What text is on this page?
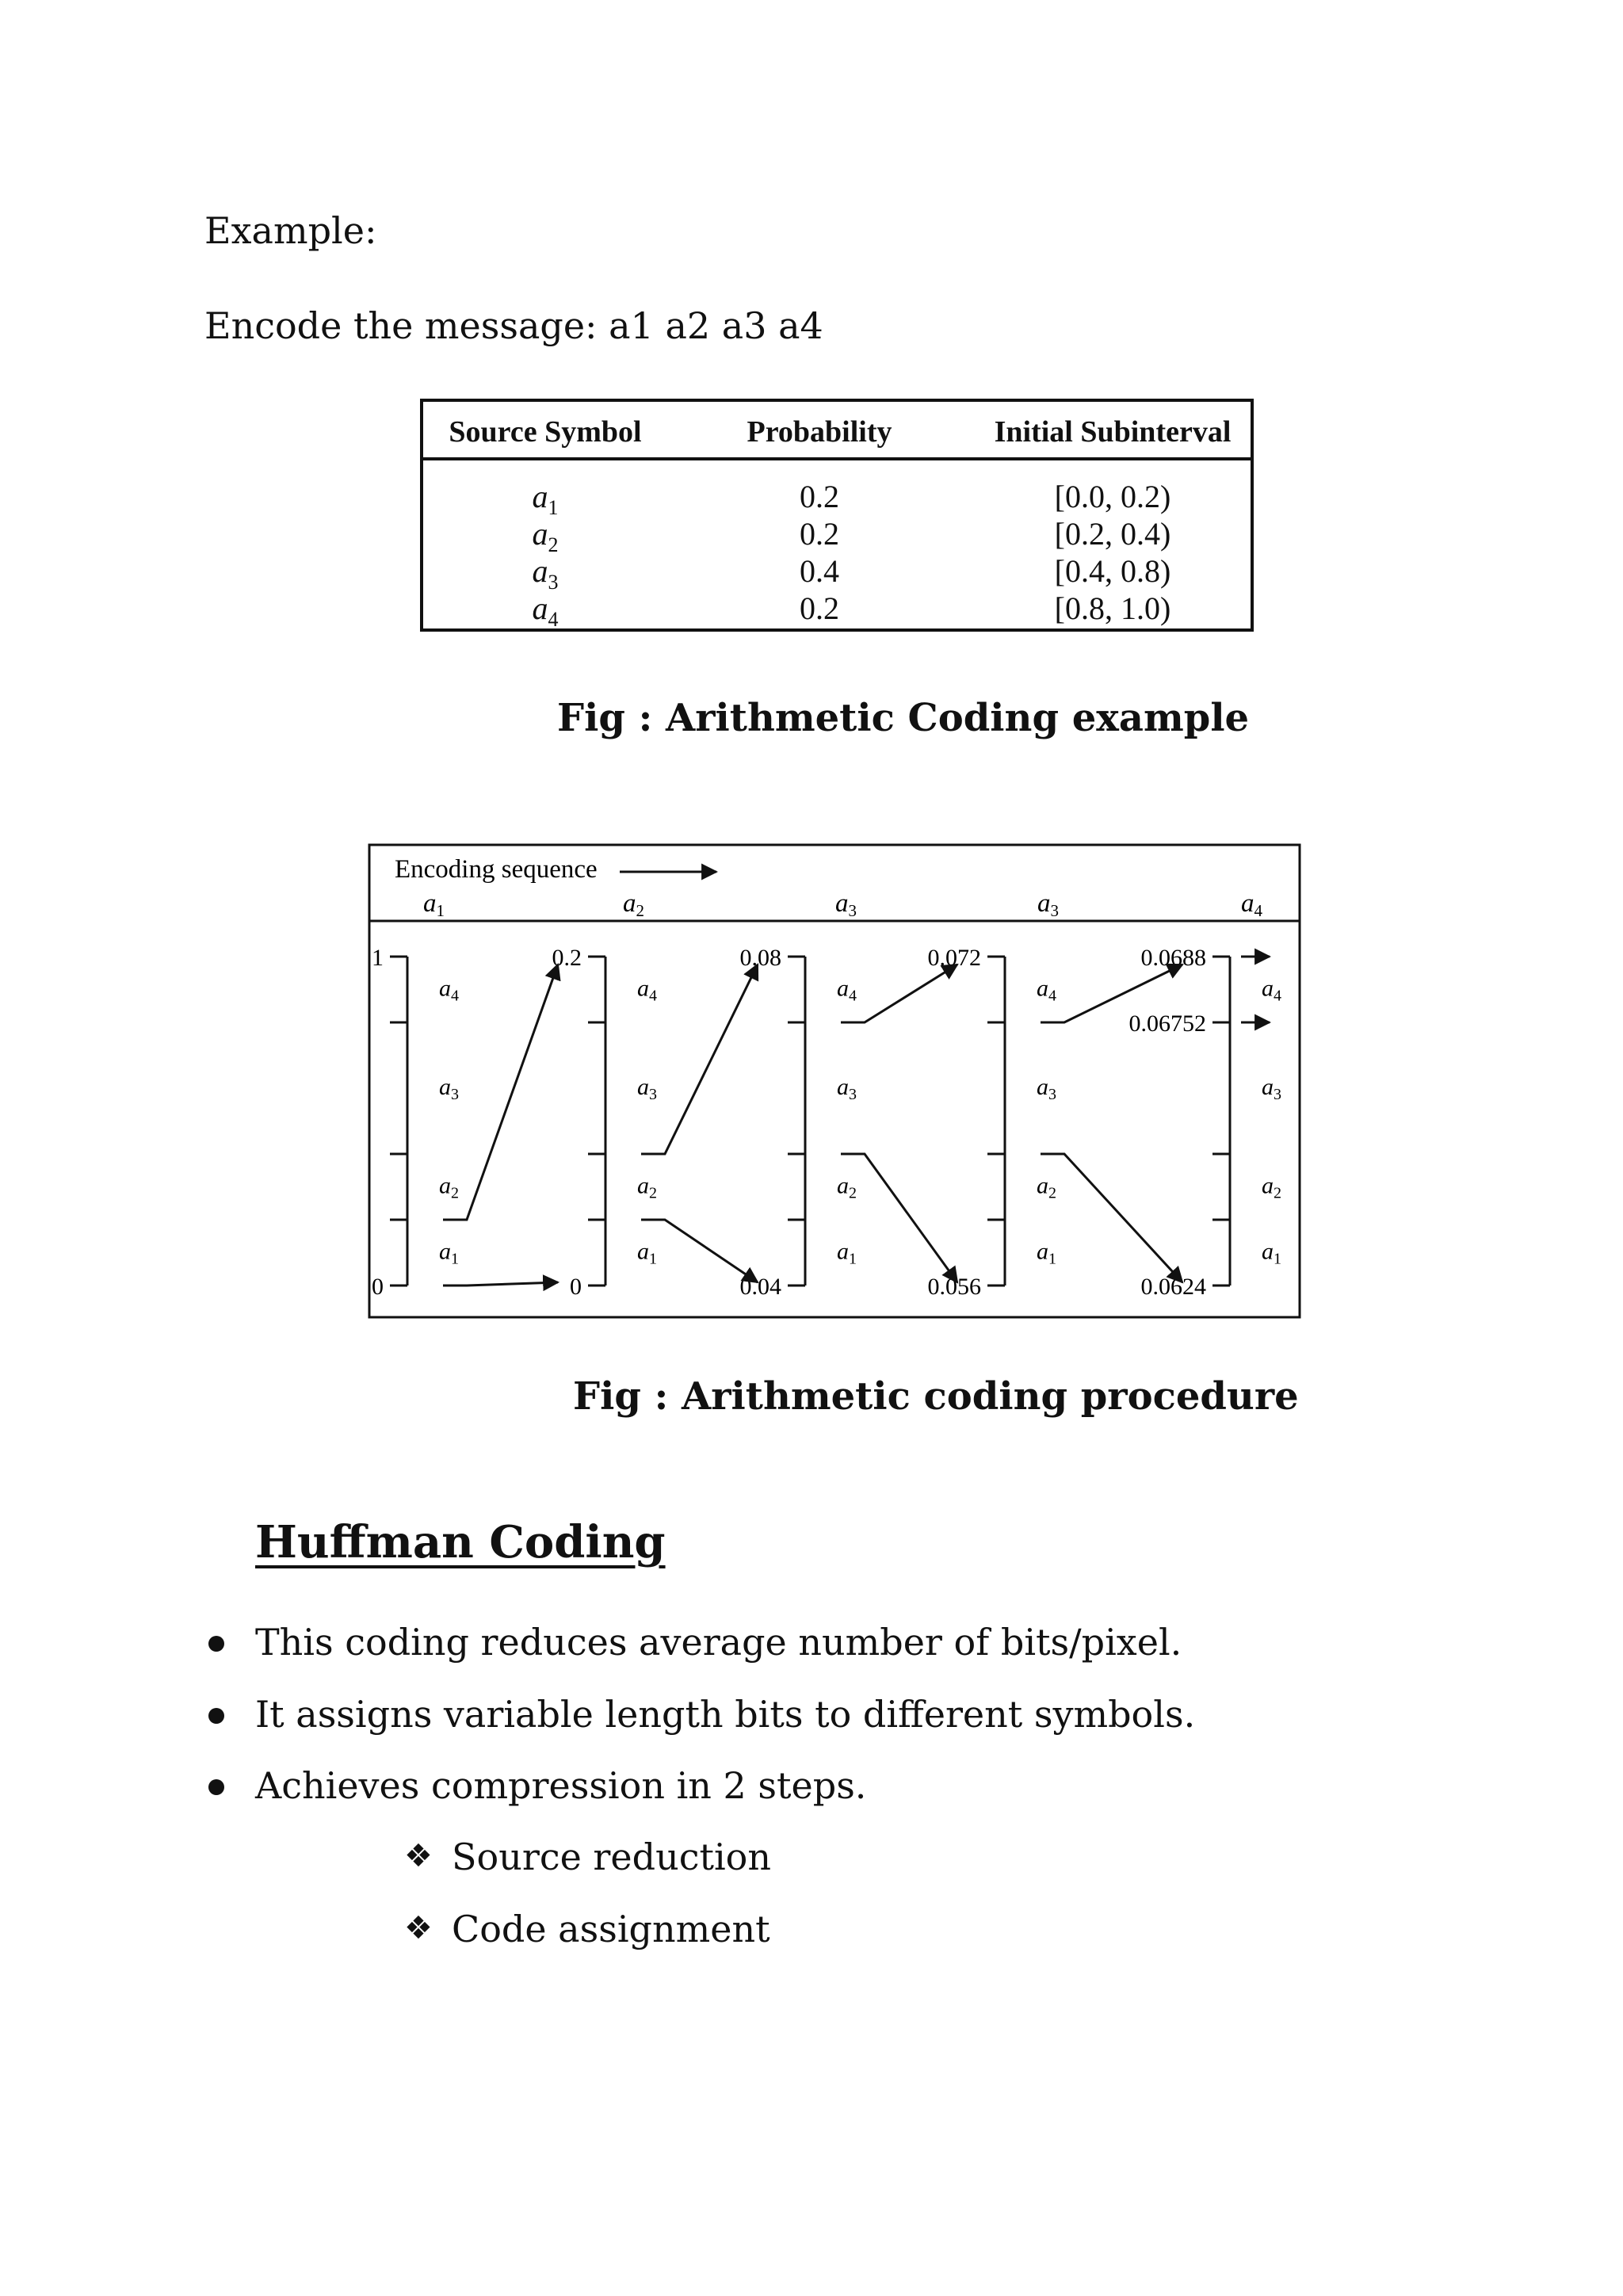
Example:
Encode the message: a1 a2 a3 a4
Source Symbol	Probability	Initial Subinterval
$a_1$	0.2	[0.0, 0.2)
$a_2$	0.2	[0.2, 0.4)
$a_3$	0.4	[0.4, 0.8)
$a_4$	0.2	[0.8, 1.0)
Fig : Arithmetic Coding example
Encoding sequence
a1	a2	a3	a3	a4
1
0
$a_4$
$a_3$
$a_2$
$a_1$
0.2
0
$a_4$
$a_3$
$a_2$
$a_1$
0.08
0.04
$a_4$
$a_3$
$a_2$
$a_1$
0.072
0.056
$a_4$
$a_3$
$a_2$
$a_1$
0.0688
0.0624
$a_4$
$a_3$
$a_2$
$a_1$
0.06752
Fig : Arithmetic coding procedure
Huffman Coding
This coding reduces average number of bits/pixel.
It assigns variable length bits to different symbols.
Achieves compression in 2 steps.
❖ Source reduction
❖ Code assignment
